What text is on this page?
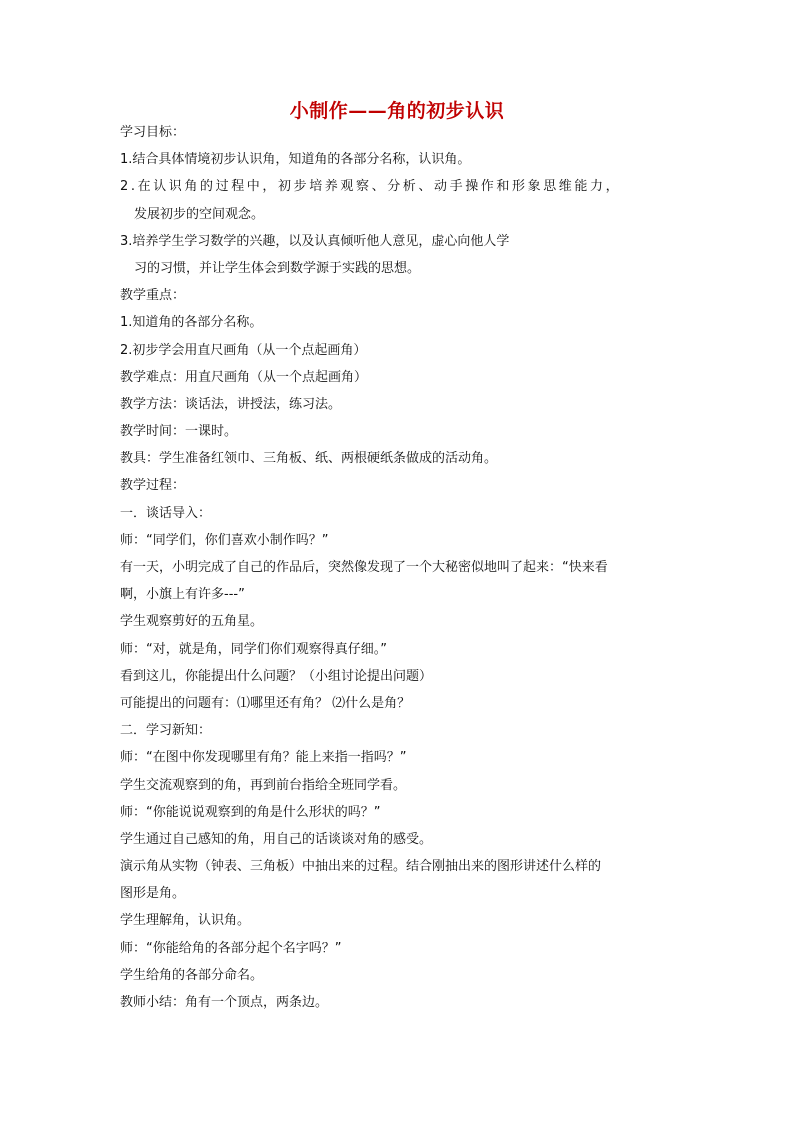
小制作——角的初步认识
学习目标：
1.结合具体情境初步认识角，知道角的各部分名称，认识角。
2.在认识角的过程中，初步培养观察、分析、动手操作和形象思维能力，
发展初步的空间观念。
3.培养学生学习数学的兴趣，以及认真倾听他人意见，虚心向他人学
习的习惯，并让学生体会到数学源于实践的思想。
教学重点：
1.知道角的各部分名称。
2.初步学会用直尺画角（从一个点起画角）
教学难点：用直尺画角（从一个点起画角）
教学方法：谈话法，讲授法，练习法。
教学时间：一课时。
教具：学生准备红领巾、三角板、纸、两根硬纸条做成的活动角。
教学过程：
一．谈话导入：
师：“同学们，你们喜欢小制作吗？”
有一天，小明完成了自己的作品后，突然像发现了一个大秘密似地叫了起来：“快来看
啊，小旗上有许多---”
学生观察剪好的五角星。
师：“对，就是角，同学们你们观察得真仔细。”
看到这儿，你能提出什么问题？（小组讨论提出问题）
可能提出的问题有：⑴哪里还有角？ ⑵什么是角？
二．学习新知：
师：“在图中你发现哪里有角？能上来指一指吗？”
学生交流观察到的角，再到前台指给全班同学看。
师：“你能说说观察到的角是什么形状的吗？”
学生通过自己感知的角，用自己的话谈谈对角的感受。
演示角从实物（钟表、三角板）中抽出来的过程。结合刚抽出来的图形讲述什么样的
图形是角。
学生理解角，认识角。
师：“你能给角的各部分起个名字吗？”
学生给角的各部分命名。
教师小结：角有一个顶点，两条边。
